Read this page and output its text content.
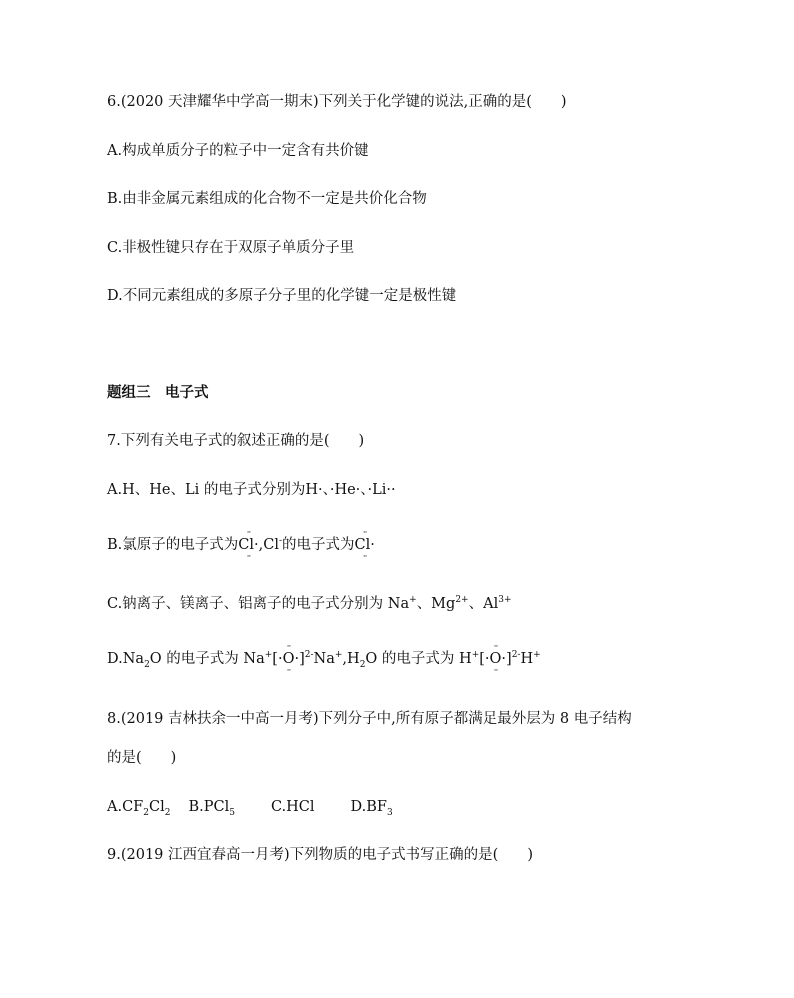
6.(2020 天津耀华中学高一期末)下列关于化学键的说法,正确的是(　　)
A.构成单质分子的粒子中一定含有共价键
B.由非金属元素组成的化合物不一定是共价化合物
C.非极性键只存在于双原子单质分子里
D.不同元素组成的多原子分子里的化学键一定是极性键
题组三　电子式
7.下列有关电子式的叙述正确的是(　　)
A.H、He、Li 的电子式分别为H·、·He·、·Li··
B.氯原子的电子式为
··
Cl·
··
,Cl-的电子式为
··
Cl·
··
C.钠离子、镁离子、铝离子的电子式分别为 Na+、$Mg^{2+}$、$Al^{3+}$
$D.Na_2O$ 的电子式为 Na+[
··
·O·
··
]$^{2-}Na^+,H_2O$ 的电子式为 H+[
··
·O·
··
]$^{2-}$H+
8.(2019 吉林扶余一中高一月考)下列分子中,所有原子都满足最外层为 8 电子结构
的是(　　)
$A.CF_2Cl_2$ B.PCl$_5$ C.HCl $D.BF_3$
9.(2019 江西宜春高一月考)下列物质的电子式书写正确的是(　　)
